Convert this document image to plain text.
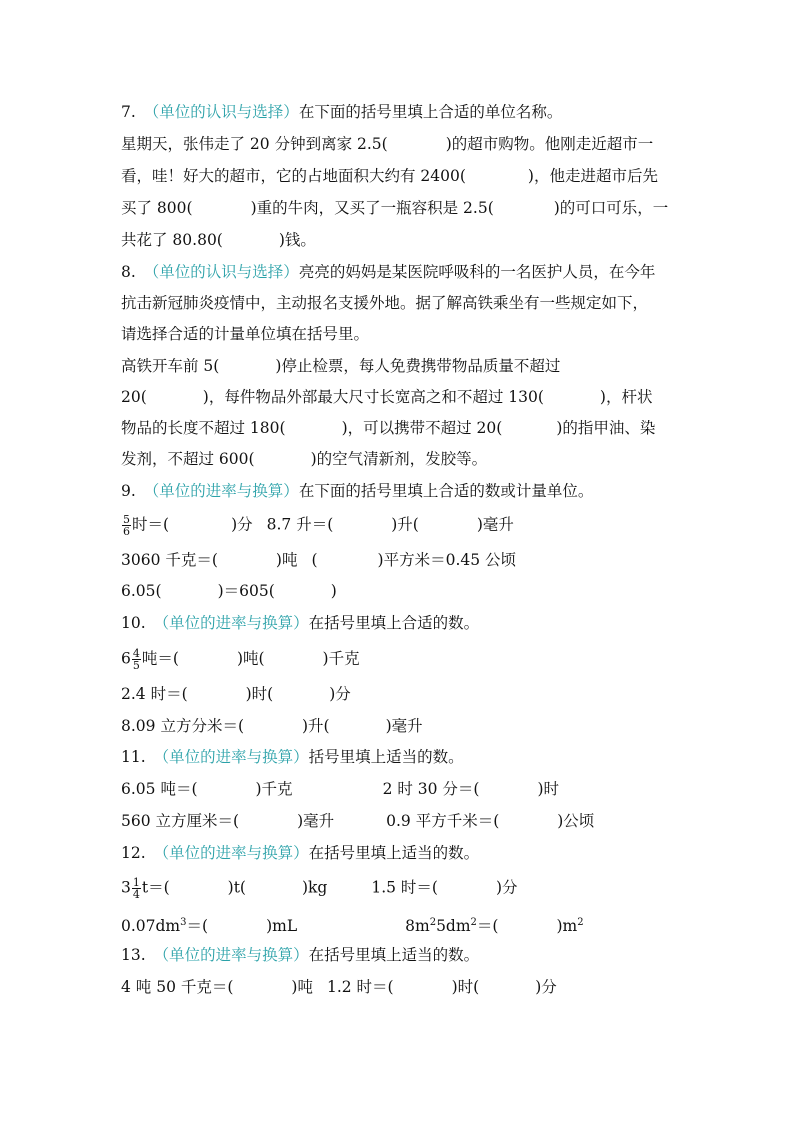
7. （单位的认识与选择）在下面的括号里填上合适的单位名称。
星期天，张伟走了 20 分钟到离家 2.5(	)的超市购物。他刚走近超市一
看，哇！好大的超市，它的占地面积大约有 2400(	)，他走进超市后先
买了 800(	)重的牛肉，又买了一瓶容积是 2.5(	)的可口可乐，一
共花了 80.80(	)钱。
8. （单位的认识与选择）亮亮的妈妈是某医院呼吸科的一名医护人员，在今年
抗击新冠肺炎疫情中，主动报名支援外地。据了解高铁乘坐有一些规定如下，
请选择合适的计量单位填在括号里。
高铁开车前 5(	)停止检票，每人免费携带物品质量不超过
20(	)，每件物品外部最大尺寸长宽高之和不超过 130(	)，杆状
物品的长度不超过 180(	)，可以携带不超过 20(	)的指甲油、染
发剂，不超过 600(	)的空气清新剂，发胶等。
9. （单位的进率与换算）在下面的括号里填上合适的数或计量单位。
$\frac{5}{6}$ 时＝(	)分 8.7 升＝(	)升(	)毫升
3060 千克＝(	)吨 (	)平方米＝0.45 公顷
6.05(	)＝605(	)
10. （单位的进率与换算）在括号里填上合适的数。
$6 \frac{4}{5}$ 吨＝(	)吨(	)千克
2.4 时＝(	)时(	)分
8.09 立方分米＝(	)升(	)毫升
11. （单位的进率与换算）括号里填上适当的数。
6.05 吨＝(	)千克	2 时 30 分＝(	)时
560 立方厘米＝(	)毫升	0.9 平方千米＝(	)公顷
12. （单位的进率与换算）在括号里填上适当的数。
$3 \frac{1}{4} t=$(	)t(	)kg	1.5 时＝(	)分
$0.07dm^3=$(	)mL	$8m^25dm^2=$(	)$m^2$
13. （单位的进率与换算）在括号里填上适当的数。
4 吨 50 千克＝(	)吨 1.2 时＝(	)时(	)分
